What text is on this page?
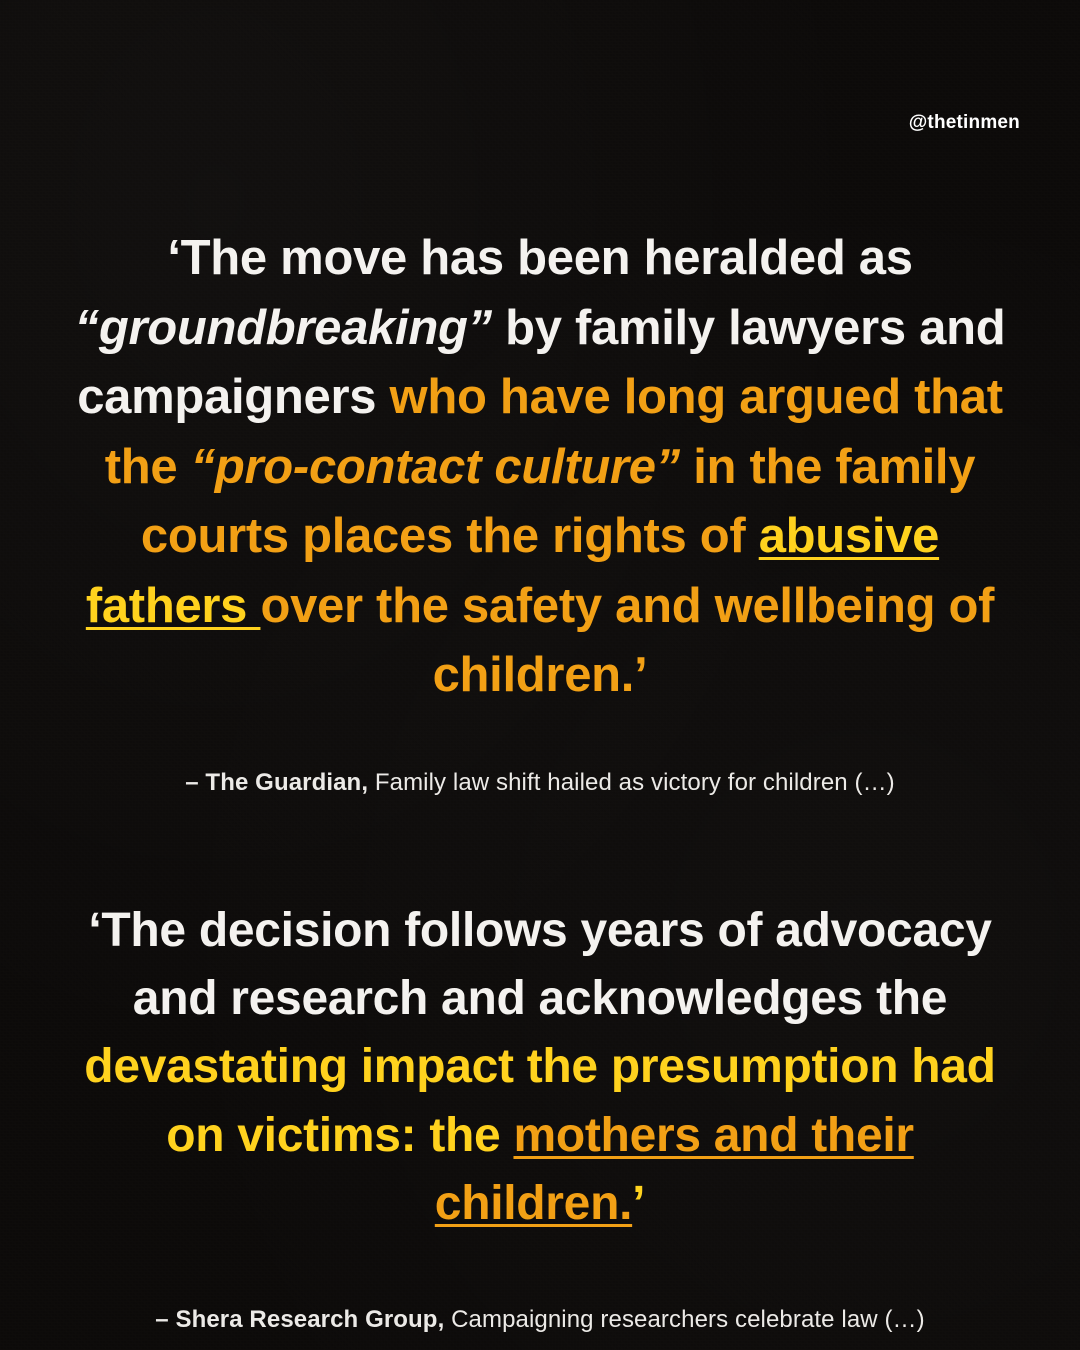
@thetinmen
‘The move has been heralded as “groundbreaking” by family lawyers and campaigners who have long argued that the “pro-contact culture” in the family courts places the rights of abusive fathers over the safety and wellbeing of children.’
– The Guardian, Family law shift hailed as victory for children (…)
‘The decision follows years of advocacy and research and acknowledges the devastating impact the presumption had on victims: the mothers and their children.’
– Shera Research Group, Campaigning researchers celebrate law (…)
